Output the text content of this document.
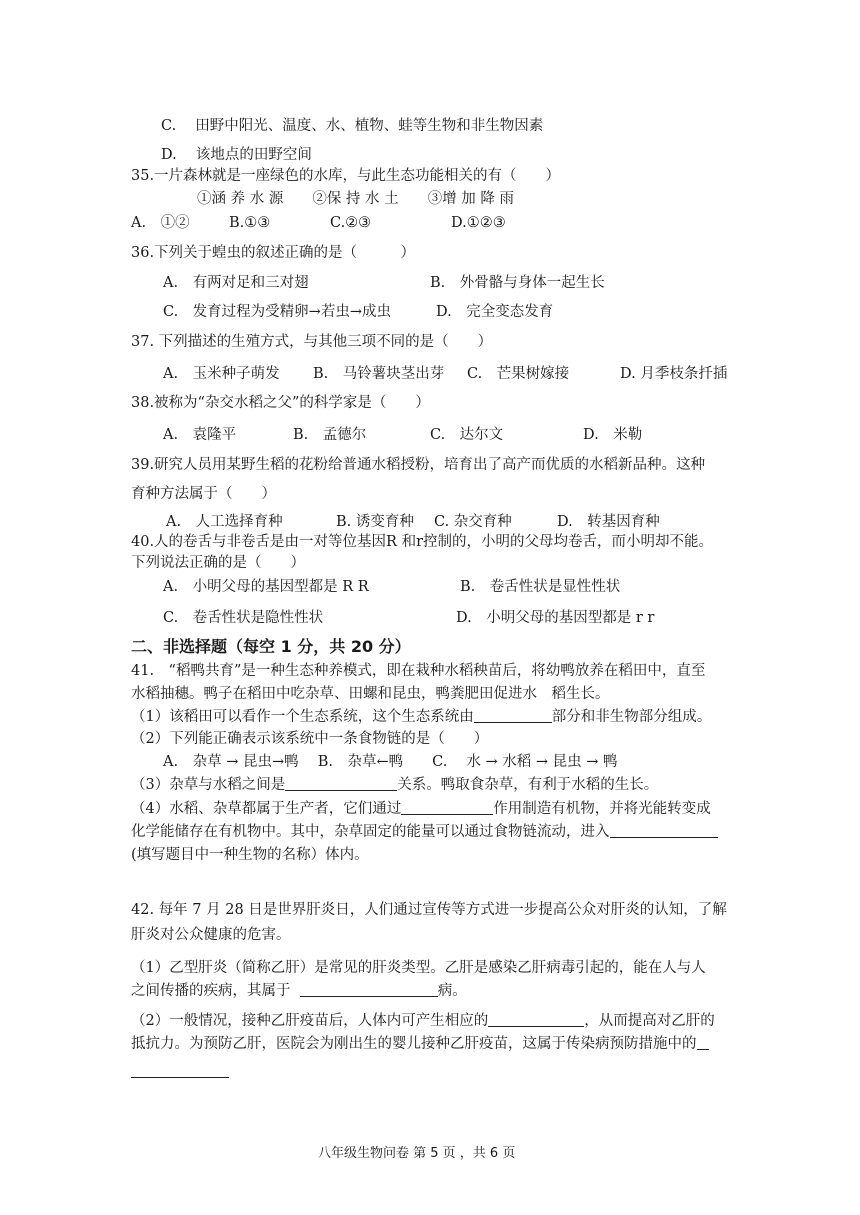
C.　 田野中阳光、温度、水、植物、蛙等生物和非生物因素
D.　 该地点的田野空间
35.一片森林就是一座绿色的水库，与此生态功能相关的有（　　）
①涵 养 水 源　　②保 持 水 土　　③增 加 降 雨
A.　①②	B.①③	C.②③	D.①②③
36.下列关于蝗虫的叙述正确的是（　　　）
A.　有两对足和三对翅	B.　外骨骼与身体一起生长
C.　发育过程为受精卵→若虫→成虫	D.　完全变态发育
37. 下列描述的生殖方式，与其他三项不同的是（　　）
A.　玉米种子萌发 B.　马铃薯块茎出芽 C.　芒果树嫁接	D. 月季枝条扦插
38.被称为“杂交水稻之父”的科学家是（　　）
A.　袁隆平	B.　孟德尔	C.　达尔文	D.　米勒
39.研究人员用某野生稻的花粉给普通水稻授粉，培育出了高产而优质的水稻新品种。这种
育种方法属于（　　）
A.　人工选择育种	B. 诱变育种 C. 杂交育种	D.　转基因育种
40.人的卷舌与非卷舌是由一对等位基因R 和r控制的，小明的父母均卷舌，而小明却不能。
下列说法正确的是（　　）
A.　小明父母的基因型都是 R R	B.　卷舌性状是显性性状
C.　卷舌性状是隐性性状	D.　小明父母的基因型都是 r r
二、非选择题（每空 1 分，共 20 分）
41.　“稻鸭共育”是一种生态种养模式，即在栽种水稻秧苗后，将幼鸭放养在稻田中，直至
水稻抽穗。鸭子在稻田中吃杂草、田螺和昆虫，鸭粪肥田促进水　稻生长。
（1）该稻田可以看作一个生态系统，这个生态系统由	部分和非生物部分组成。
（2）下列能正确表示该系统中一条食物链的是（　　）
A.　杂草 → 昆虫→鸭　 B.　杂草←鸭　　C.　 水 → 水稻 → 昆虫 → 鸭
（3）杂草与水稻之间是	关系。鸭取食杂草，有利于水稻的生长。
（4）水稻、杂草都属于生产者，它们通过	作用制造有机物，并将光能转变成
化学能储存在有机物中。其中，杂草固定的能量可以通过食物链流动，进入
(填写题目中一种生物的名称）体内。
42. 每年 7 月 28 日是世界肝炎日，人们通过宣传等方式进一步提高公众对肝炎的认知，了解
肝炎对公众健康的危害。
（1）乙型肝炎（简称乙肝）是常见的肝炎类型。乙肝是感染乙肝病毒引起的，能在人与人
之间传播的疾病，其属于	病。
（2）一般情况，接种乙肝疫苗后，人体内可产生相应的	，从而提高对乙肝的
抵抗力。为预防乙肝，医院会为刚出生的婴儿接种乙肝疫苗，这属于传染病预防措施中的
八年级生物问卷 第 5 页 ，共 6 页
